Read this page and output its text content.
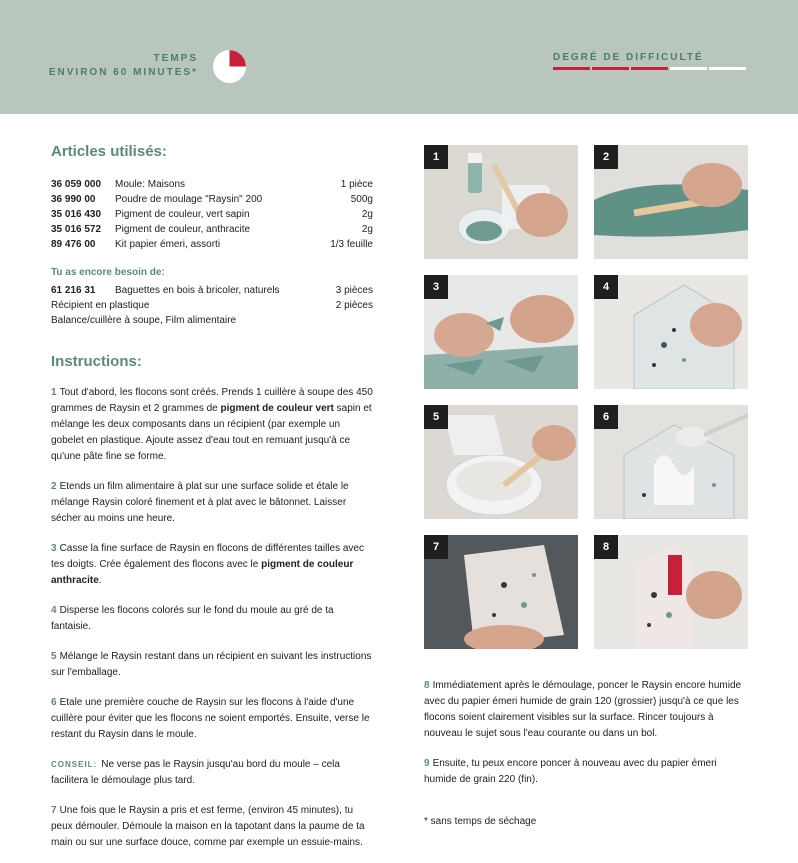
TEMPS
ENVIRON 60 MINUTES*
DEGRÉ DE DIFFICULTÉ
Articles utilisés:
36 059 000	Moule: Maisons	1 pièce
36 990 00	Poudre de moulage "Raysin" 200	500g
35 016 430	Pigment de couleur, vert sapin	2g
35 016 572	Pigment de couleur, anthracite	2g
89 476 00	Kit papier émeri, assorti	1/3 feuille
Tu as encore besoin de:
61 216 31	Baguettes en bois à bricoler, naturels	3 pièces
Récipient en plastique	2 pièces
Balance/cuillère à soupe, Film alimentaire
Instructions:

1 Tout d'abord, les flocons sont créés. Prends 1 cuillère à soupe des 450 grammes de Raysin et 2 grammes de pigment de couleur vert sapin et mélange les deux composants dans un récipient (par exemple un gobelet en plastique. Ajoute assez d'eau tout en remuant jusqu'à ce qu'une pâte fine se forme.

2 Etends un film alimentaire à plat sur une surface solide et étale le mélange Raysin coloré finement et à plat avec le bâtonnet. Laisser sécher au moins une heure.

3 Casse la fine surface de Raysin en flocons de différentes tailles avec tes doigts. Crée également des flocons avec le pigment de couleur anthracite.

4 Disperse les flocons colorés sur le fond du moule au gré de ta fantaisie.

5 Mélange le Raysin restant dans un récipient en suivant les instructions sur l'emballage.

6 Etale une première couche de Raysin sur les flocons à l'aide d'une cuillère pour éviter que les flocons ne soient emportés. Ensuite, verse le restant du Raysin dans le moule.

CONSEIL: Ne verse pas le Raysin jusqu'au bord du moule – cela facilitera le démoulage plus tard.

7 Une fois que le Raysin a pris et est ferme, (environ 45 minutes), tu peux démouler. Démoule la maison en la tapotant dans la paume de ta main ou sur une surface douce, comme par exemple un essuie-mains.

1	2
3	4
5	6
7	8

8 Immédiatement après le démoulage, poncer le Raysin encore humide avec du papier émeri humide de grain 120 (grossier) jusqu'à ce que les flocons soient clairement visibles sur la surface. Rincer toujours à nouveau le sujet sous l'eau courante ou dans un bol.

9 Ensuite, tu peux encore poncer à nouveau avec du papier émeri humide de grain 220 (fin).

* sans temps de séchage
